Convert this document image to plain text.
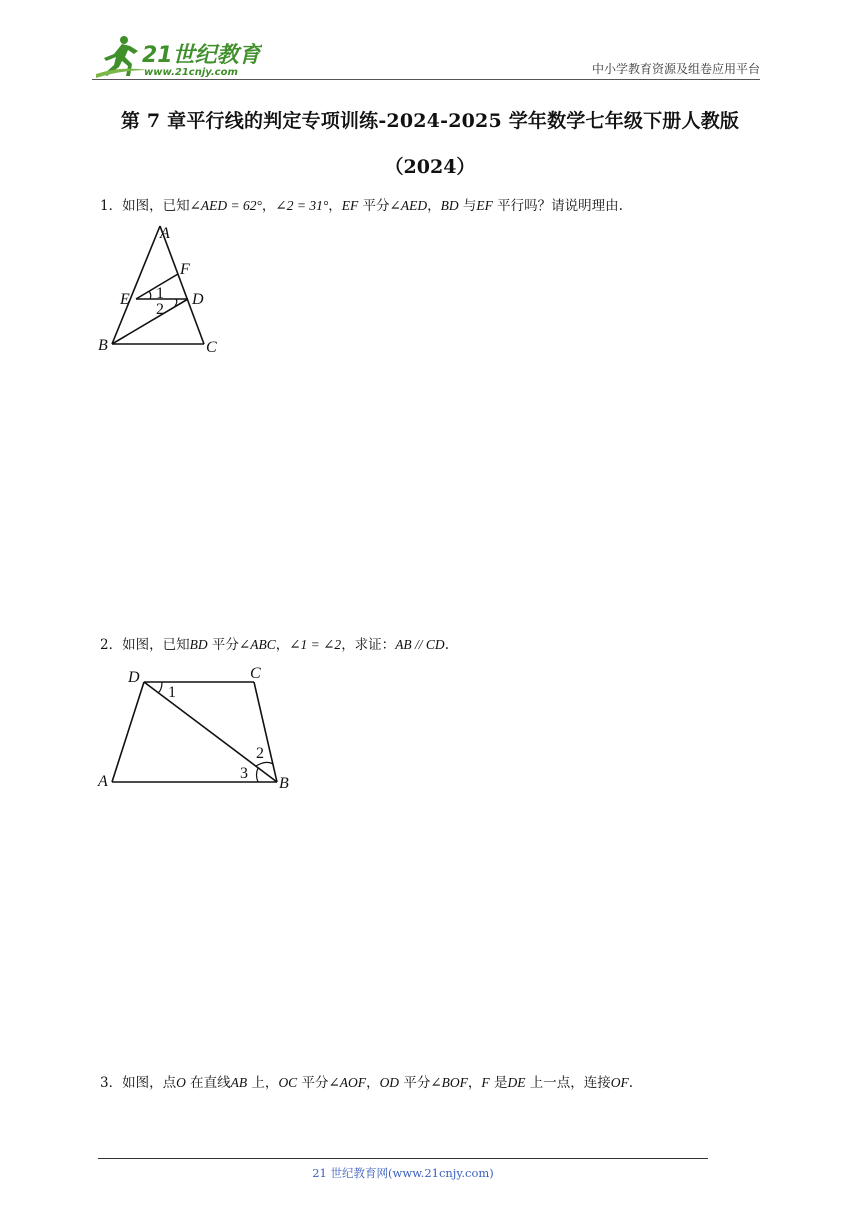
21世纪教育
www.21cnjy.com	中小学教育资源及组卷应用平台
第 7 章平行线的判定专项训练-2024-2025 学年数学七年级下册人教版
（2024）
1．如图，已知∠AED = 62°，∠2 = 31°，EF 平分∠AED，BD 与EF 平行吗？请说明理由.
A
F
E	D
B	C
1
2
2．如图，已知BD 平分∠ABC，∠1 = ∠2，求证：AB // CD.
D	C
A	B
1
2
3
3．如图，点O 在直线AB 上，OC 平分∠AOF，OD 平分∠BOF，F 是DE 上一点，连接OF.
21 世纪教育网(www.21cnjy.com)
